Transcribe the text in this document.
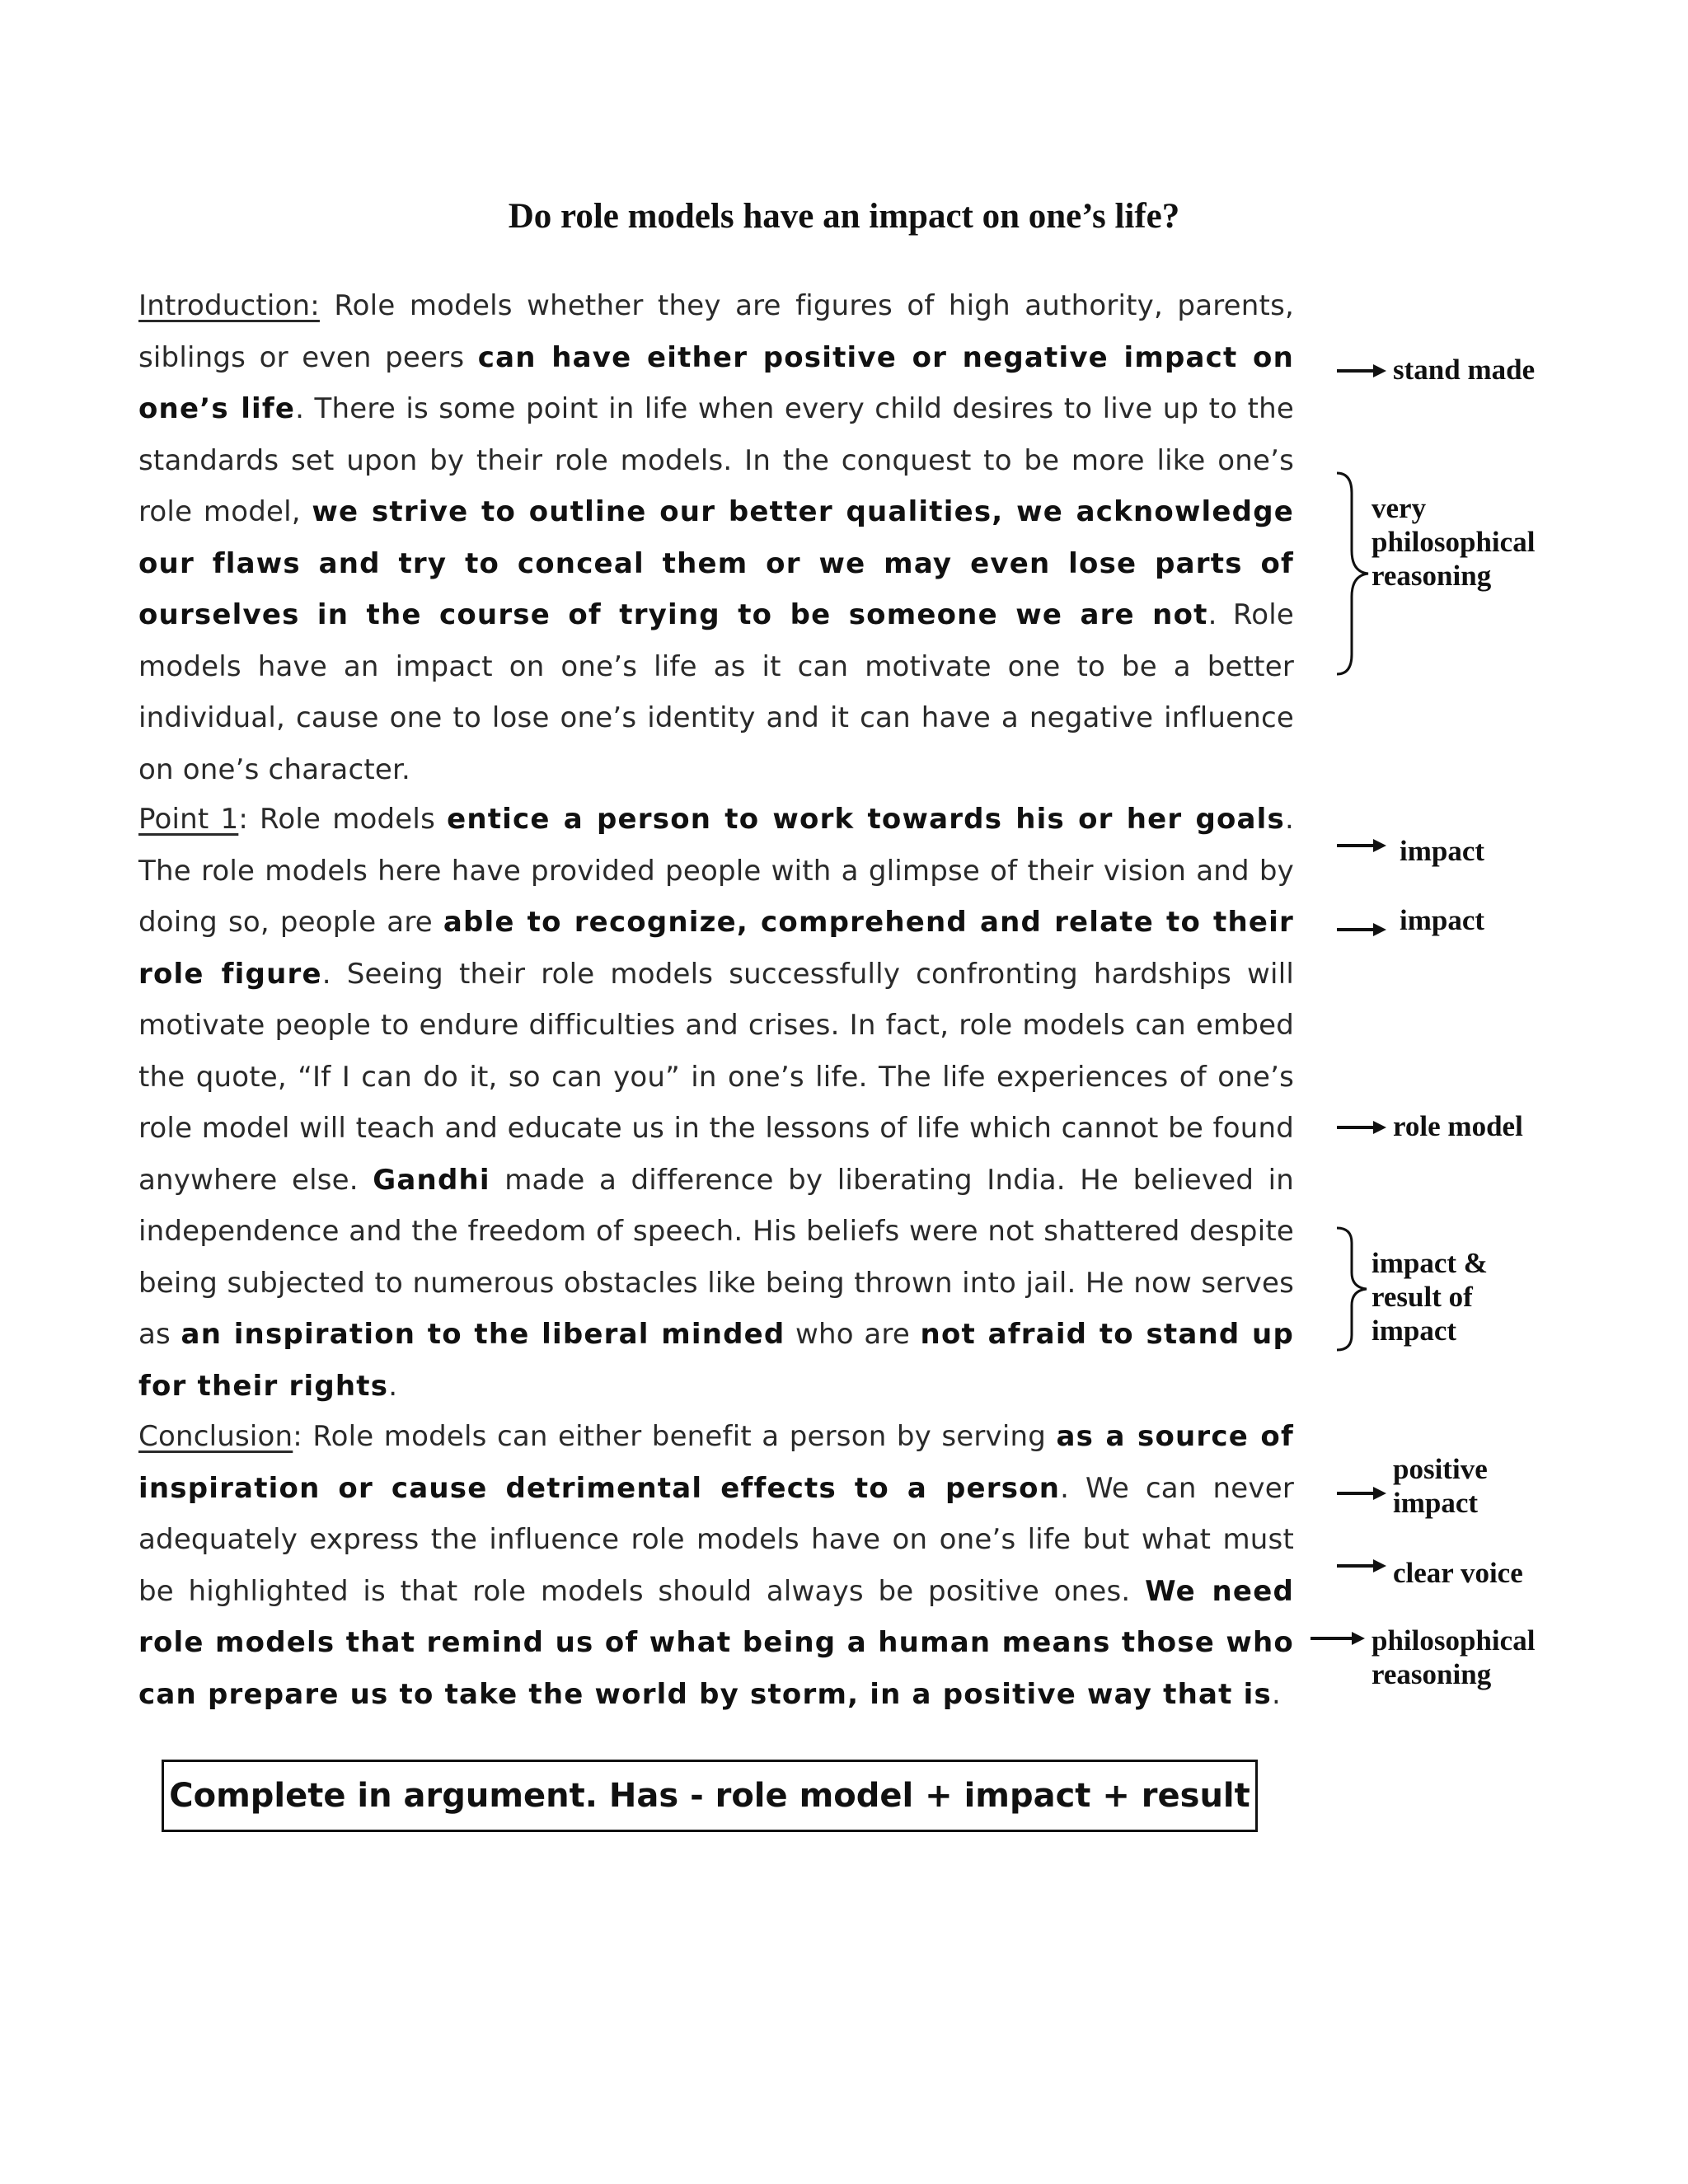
Do role models have an impact on one’s life?
Introduction: Role models whether they are figures of high authority, parents, siblings or even peers can have either positive or negative impact on one’s life. There is some point in life when every child desires to live up to the standards set upon by their role models. In the conquest to be more like one’s role model, we strive to outline our better qualities, we acknowledge our flaws and try to conceal them or we may even lose parts of ourselves in the course of trying to be someone we are not. Role models have an impact on one’s life as it can motivate one to be a better individual, cause one to lose one’s identity and it can have a negative influence on one’s character.
Point 1: Role models entice a person to work towards his or her goals. The role models here have provided people with a glimpse of their vision and by doing so, people are able to recognize, comprehend and relate to their role figure. Seeing their role models successfully confronting hardships will motivate people to endure difficulties and crises. In fact, role models can embed the quote, “If I can do it, so can you” in one’s life. The life experiences of one’s role model will teach and educate us in the lessons of life which cannot be found anywhere else. Gandhi made a difference by liberating India. He believed in independence and the freedom of speech. His beliefs were not shattered despite being subjected to numerous obstacles like being thrown into jail. He now serves as an inspiration to the liberal minded who are not afraid to stand up for their rights.
Conclusion: Role models can either benefit a person by serving as a source of inspiration or cause detrimental effects to a person. We can never adequately express the influence role models have on one’s life but what must be highlighted is that role models should always be positive ones. We need role models that remind us of what being a human means those who can prepare us to take the world by storm, in a positive way that is.
stand made
very philosophical reasoning
impact
impact
role model
impact & result of impact
positive impact
clear voice
philosophical reasoning
Complete in argument. Has - role model + impact + result
